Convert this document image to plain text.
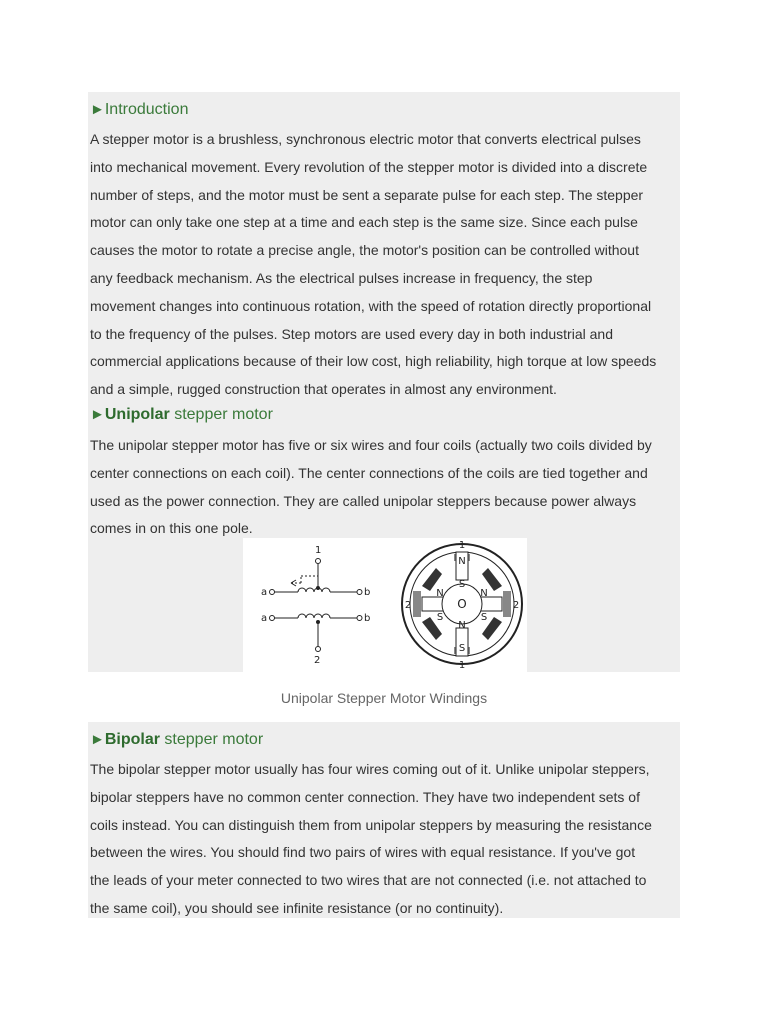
►Introduction
A stepper motor is a brushless, synchronous electric motor that converts electrical pulses
into mechanical movement. Every revolution of the stepper motor is divided into a discrete
number of steps, and the motor must be sent a separate pulse for each step. The stepper
motor can only take one step at a time and each step is the same size. Since each pulse
causes the motor to rotate a precise angle, the motor's position can be controlled without
any feedback mechanism. As the electrical pulses increase in frequency, the step
movement changes into continuous rotation, with the speed of rotation directly proportional
to the frequency of the pulses. Step motors are used every day in both industrial and
commercial applications because of their low cost, high reliability, high torque at low speeds
and a simple, rugged construction that operates in almost any environment.
►Unipolar stepper motor
The unipolar stepper motor has five or six wires and four coils (actually two coils divided by
center connections on each coil). The center connections of the coils are tied together and
used as the power connection. They are called unipolar steppers because power always
comes in on this one pole.
1
a	b
a	b
2
1
1
2	2
N
S
N
S
N	N
S	S
O
Unipolar Stepper Motor Windings
►Bipolar stepper motor
The bipolar stepper motor usually has four wires coming out of it. Unlike unipolar steppers,
bipolar steppers have no common center connection. They have two independent sets of
coils instead. You can distinguish them from unipolar steppers by measuring the resistance
between the wires. You should find two pairs of wires with equal resistance. If you've got
the leads of your meter connected to two wires that are not connected (i.e. not attached to
the same coil), you should see infinite resistance (or no continuity).
